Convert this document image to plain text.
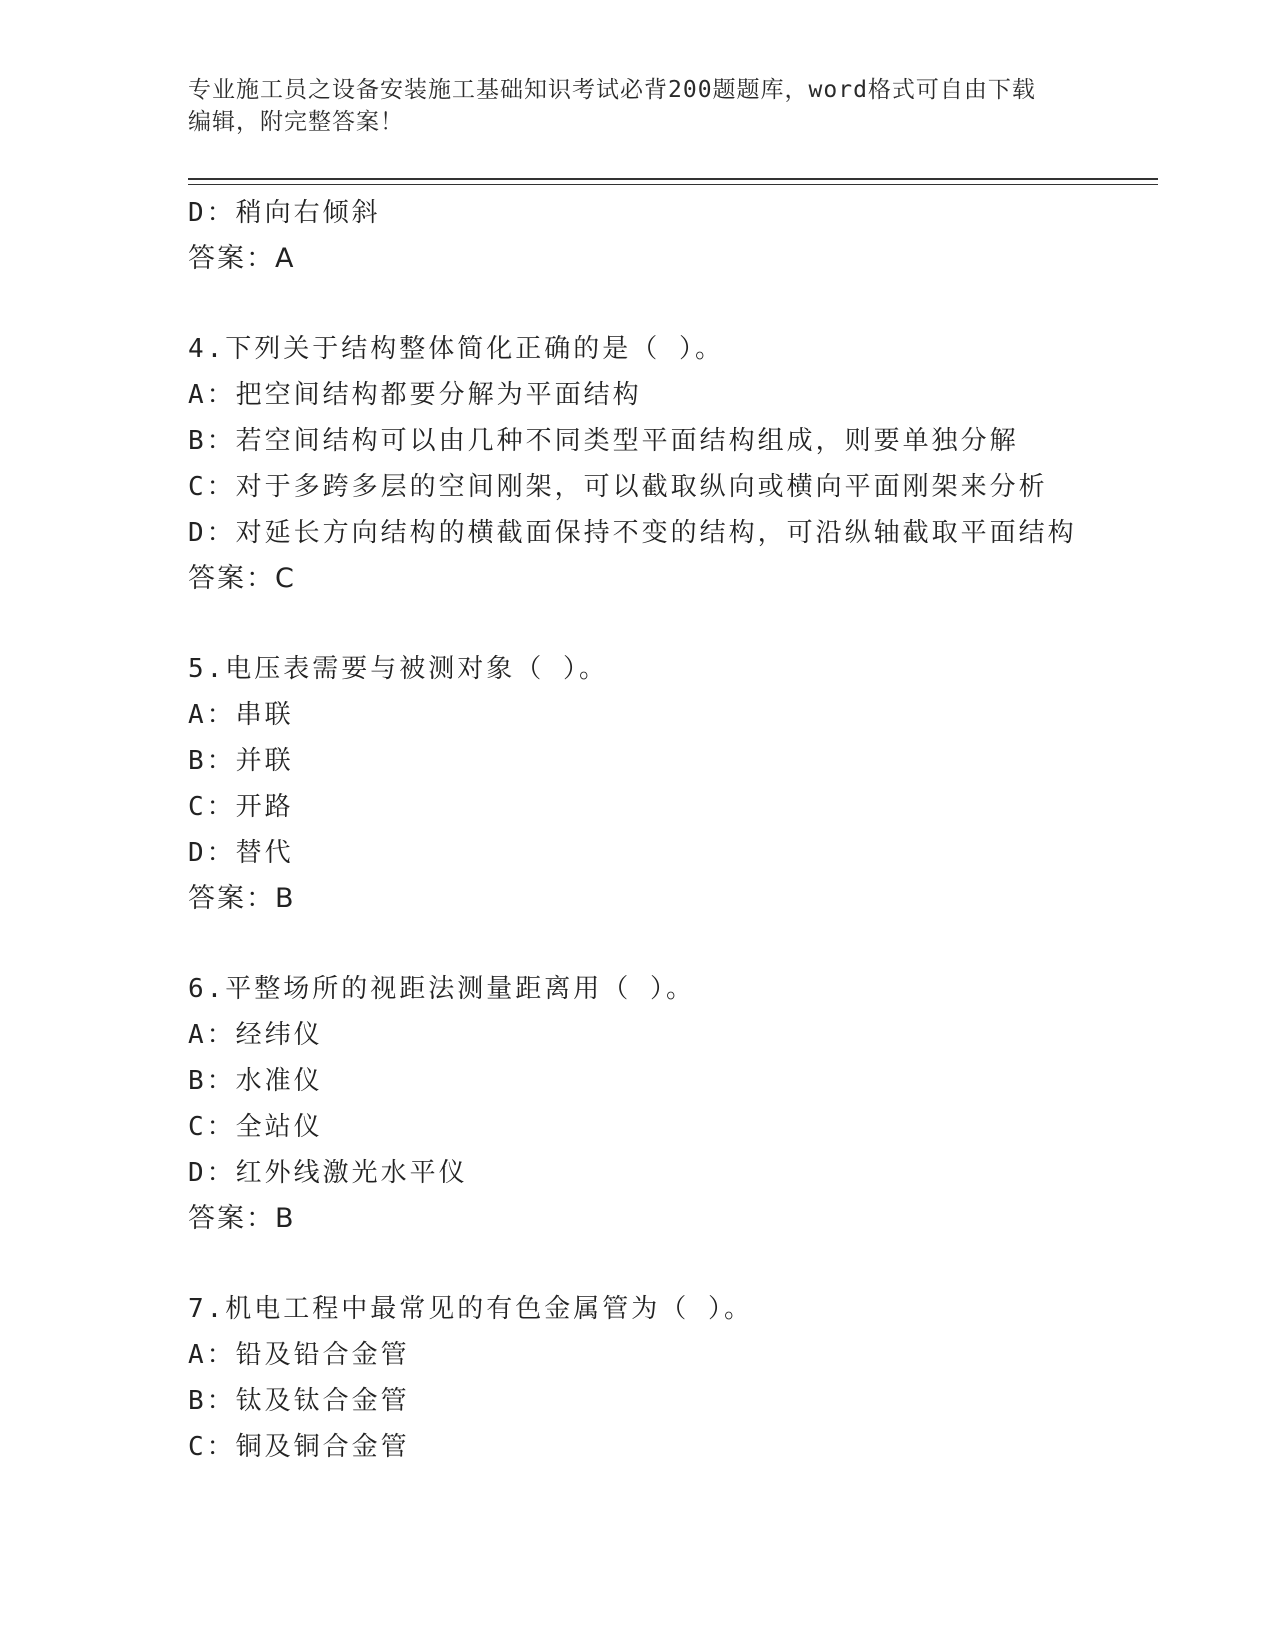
专业施工员之设备安装施工基础知识考试必背200题题库，word格式可自由下载
编辑，附完整答案！
D：稍向右倾斜
答案：A
4.下列关于结构整体简化正确的是（ ）。
A：把空间结构都要分解为平面结构
B：若空间结构可以由几种不同类型平面结构组成，则要单独分解
C：对于多跨多层的空间刚架，可以截取纵向或横向平面刚架来分析
D：对延长方向结构的横截面保持不变的结构，可沿纵轴截取平面结构
答案：C
5.电压表需要与被测对象（ ）。
A：串联
B：并联
C：开路
D：替代
答案：B
6.平整场所的视距法测量距离用（ ）。
A：经纬仪
B：水准仪
C：全站仪
D：红外线激光水平仪
答案：B
7.机电工程中最常见的有色金属管为（ ）。
A：铅及铅合金管
B：钛及钛合金管
C：铜及铜合金管
